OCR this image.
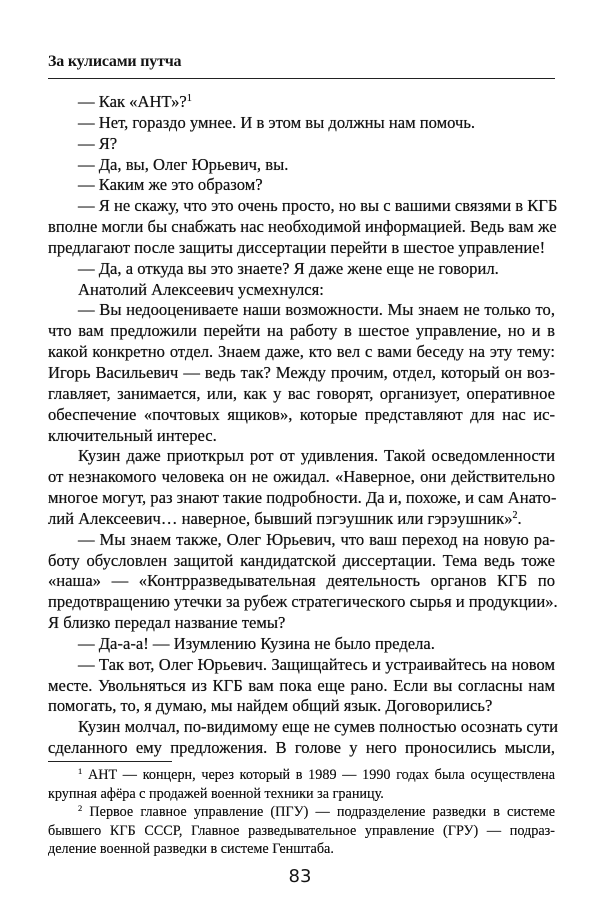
За кулисами путча
— Как «АНТ»?$^1$
— Нет, гораздо умнее. И в этом вы должны нам помочь.
— Я?
— Да, вы, Олег Юрьевич, вы.
— Каким же это образом?
— Я не скажу, что это очень просто, но вы с вашими связями в КГБ
вполне могли бы снабжать нас необходимой информацией. Ведь вам же
предлагают после защиты диссертации перейти в шестое управление!
— Да, а откуда вы это знаете? Я даже жене еще не говорил.
Анатолий Алексеевич усмехнулся:
— Вы недооцениваете наши возможности. Мы знаем не только то,
что вам предложили перейти на работу в шестое управление, но и в
какой конкретно отдел. Знаем даже, кто вел с вами беседу на эту тему:
Игорь Васильевич — ведь так? Между прочим, отдел, который он воз-
главляет, занимается, или, как у вас говорят, организует, оперативное
обеспечение «почтовых ящиков», которые представляют для нас ис-
ключительный интерес.
Кузин даже приоткрыл рот от удивления. Такой осведомленности
от незнакомого человека он не ожидал. «Наверное, они действительно
многое могут, раз знают такие подробности. Да и, похоже, и сам Анато-
лий Алексеевич… наверное, бывший пэгэушник или гэрэушник»$^2$.
— Мы знаем также, Олег Юрьевич, что ваш переход на новую ра-
боту обусловлен защитой кандидатской диссертации. Тема ведь тоже
«наша» — «Контрразведывательная деятельность органов КГБ по
предотвращению утечки за рубеж стратегического сырья и продукции».
Я близко передал название темы?
— Да-а-а! — Изумлению Кузина не было предела.
— Так вот, Олег Юрьевич. Защищайтесь и устраивайтесь на новом
месте. Увольняться из КГБ вам пока еще рано. Если вы согласны нам
помогать, то, я думаю, мы найдем общий язык. Договорились?
Кузин молчал, по-видимому еще не сумев полностью осознать сути
сделанного ему предложения. В голове у него проносились мысли,
$^1$ АНТ — концерн, через который в 1989 — 1990 годах была осуществлена
крупная афёра с продажей военной техники за границу.
$^2$ Первое главное управление (ПГУ) — подразделение разведки в системе
бывшего КГБ СССР, Главное разведывательное управление (ГРУ) — подраз-
деление военной разведки в системе Генштаба.
83
